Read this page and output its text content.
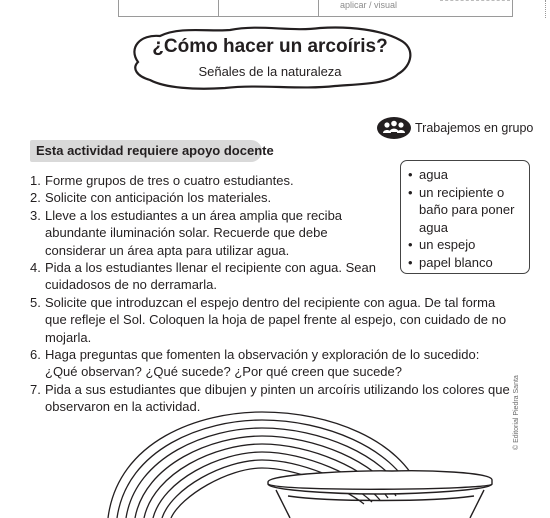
aplicar / visual
¿Cómo hacer un arcoíris?
Señales de la naturaleza
Trabajemos en grupo
Esta actividad requiere apoyo docente
• agua
• un recipiente o baño para poner agua
• un espejo
• papel blanco
1. Forme grupos de tres o cuatro estudiantes.
2. Solicite con anticipación los materiales.
3. Lleve a los estudiantes a un área amplia que reciba abundante iluminación solar. Recuerde que debe considerar un área apta para utilizar agua.
4. Pida a los estudiantes llenar el recipiente con agua. Sean cuidadosos de no derramarla.
5. Solicite que introduzcan el espejo dentro del recipiente con agua. De tal forma que refleje el Sol. Coloquen la hoja de papel frente al espejo, con cuidado de no mojarla.
6. Haga preguntas que fomenten la observación y exploración de lo sucedido: ¿Qué observan? ¿Qué sucede? ¿Por qué creen que sucede?
7. Pida a sus estudiantes que dibujen y pinten un arcoíris utilizando los colores que observaron en la actividad.	© Editorial Piedra Santa
